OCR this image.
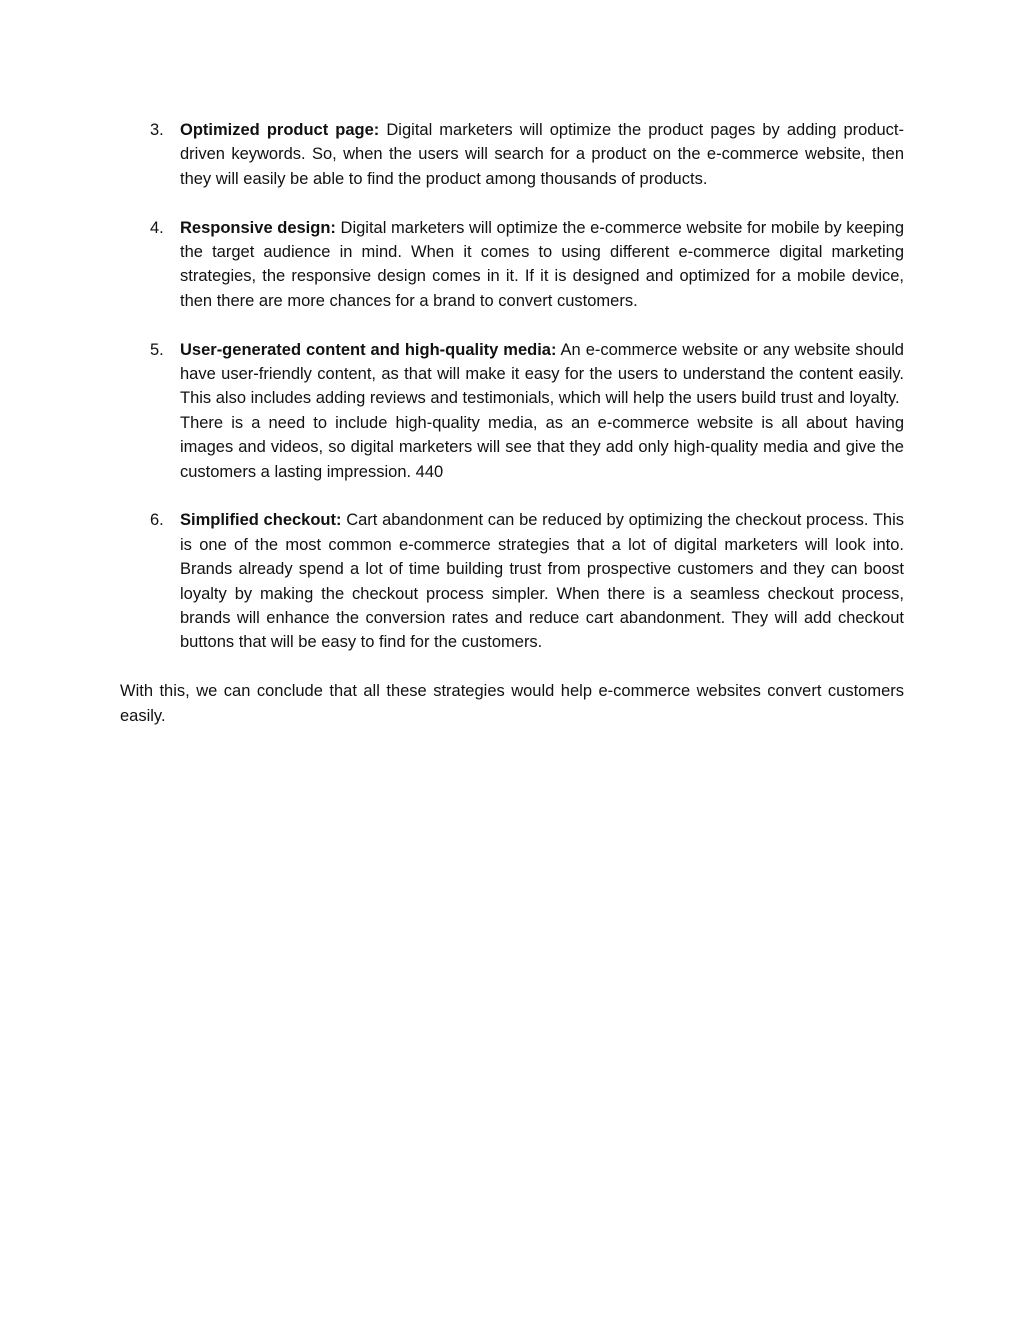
3. Optimized product page: Digital marketers will optimize the product pages by adding product-driven keywords. So, when the users will search for a product on the e-commerce website, then they will easily be able to find the product among thousands of products.

4. Responsive design: Digital marketers will optimize the e-commerce website for mobile by keeping the target audience in mind. When it comes to using different e-commerce digital marketing strategies, the responsive design comes in it. If it is designed and optimized for a mobile device, then there are more chances for a brand to convert customers.

5. User-generated content and high-quality media: An e-commerce website or any website should have user-friendly content, as that will make it easy for the users to understand the content easily. This also includes adding reviews and testimonials, which will help the users build trust and loyalty.

There is a need to include high-quality media, as an e-commerce website is all about having images and videos, so digital marketers will see that they add only high-quality media and give the customers a lasting impression. 440

6. Simplified checkout: Cart abandonment can be reduced by optimizing the checkout process. This is one of the most common e-commerce strategies that a lot of digital marketers will look into. Brands already spend a lot of time building trust from prospective customers and they can boost loyalty by making the checkout process simpler. When there is a seamless checkout process, brands will enhance the conversion rates and reduce cart abandonment. They will add checkout buttons that will be easy to find for the customers.

With this, we can conclude that all these strategies would help e-commerce websites convert customers easily.
